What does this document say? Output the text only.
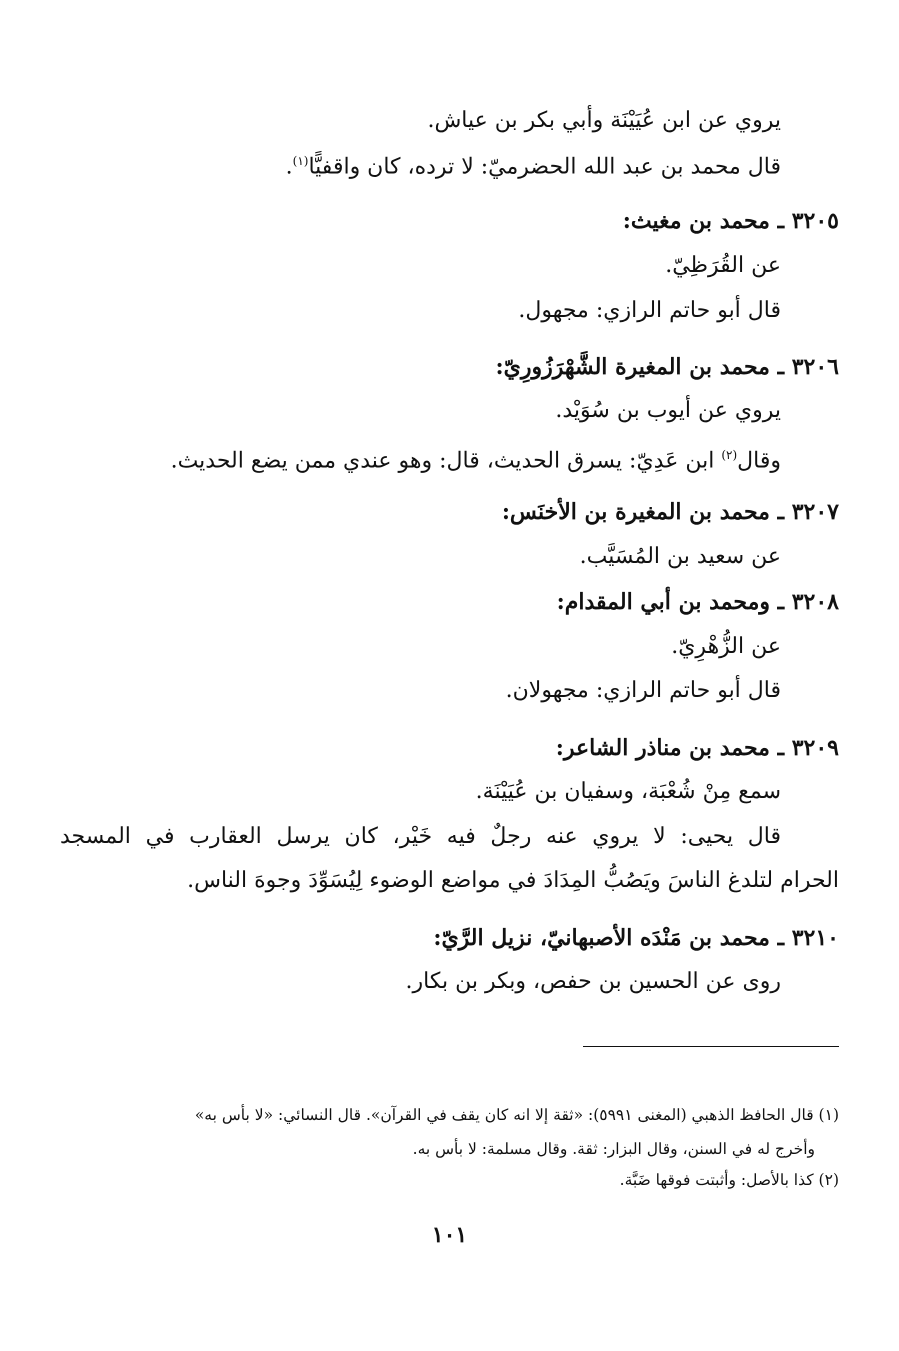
يروي عن ابن عُيَيْنَة وأبي بكر بن عياش.
قال محمد بن عبد الله الحضرميّ: لا ترده، كان واقفيًّا$^{(١)}$.
٣٢٠٥ ـ محمد بن مغيث:
عن القُرَظِيّ.
قال أبو حاتم الرازي: مجهول.
٣٢٠٦ ـ محمد بن المغيرة الشَّهْرَزُورِيّ:
يروي عن أيوب بن سُوَيْد.
وقال$^{(٢)}$ ابن عَدِيّ: يسرق الحديث، قال: وهو عندي ممن يضع الحديث.
٣٢٠٧ ـ محمد بن المغيرة بن الأخنَس:
عن سعيد بن المُسَيَّب.
٣٢٠٨ ـ ومحمد بن أبي المقدام:
عن الزُّهْرِيّ.
قال أبو حاتم الرازي: مجهولان.
٣٢٠٩ ـ محمد بن مناذر الشاعر:
سمع مِنْ شُعْبَة، وسفيان بن عُيَيْنَة.
قال يحيى: لا يروي عنه رجلٌ فيه خَيْر، كان يرسل العقارب في المسجد
الحرام لتلدغ الناسَ ويَصُبُّ المِدَادَ في مواضع الوضوء لِيُسَوِّدَ وجوهَ الناس.
٣٢١٠ ـ محمد بن مَنْدَه الأصبهانيّ، نزيل الرَّيّ:
روى عن الحسين بن حفص، وبكر بن بكار.
(١) قال الحافظ الذهبي (المغنى ٥٩٩١): «ثقة إلا انه كان يقف في القرآن». قال النسائي: «لا بأس به»
وأخرج له في السنن، وقال البزار: ثقة. وقال مسلمة: لا بأس به.
(٢) كذا بالأصل: وأثبتت فوقها ضَبَّة.
١٠١
